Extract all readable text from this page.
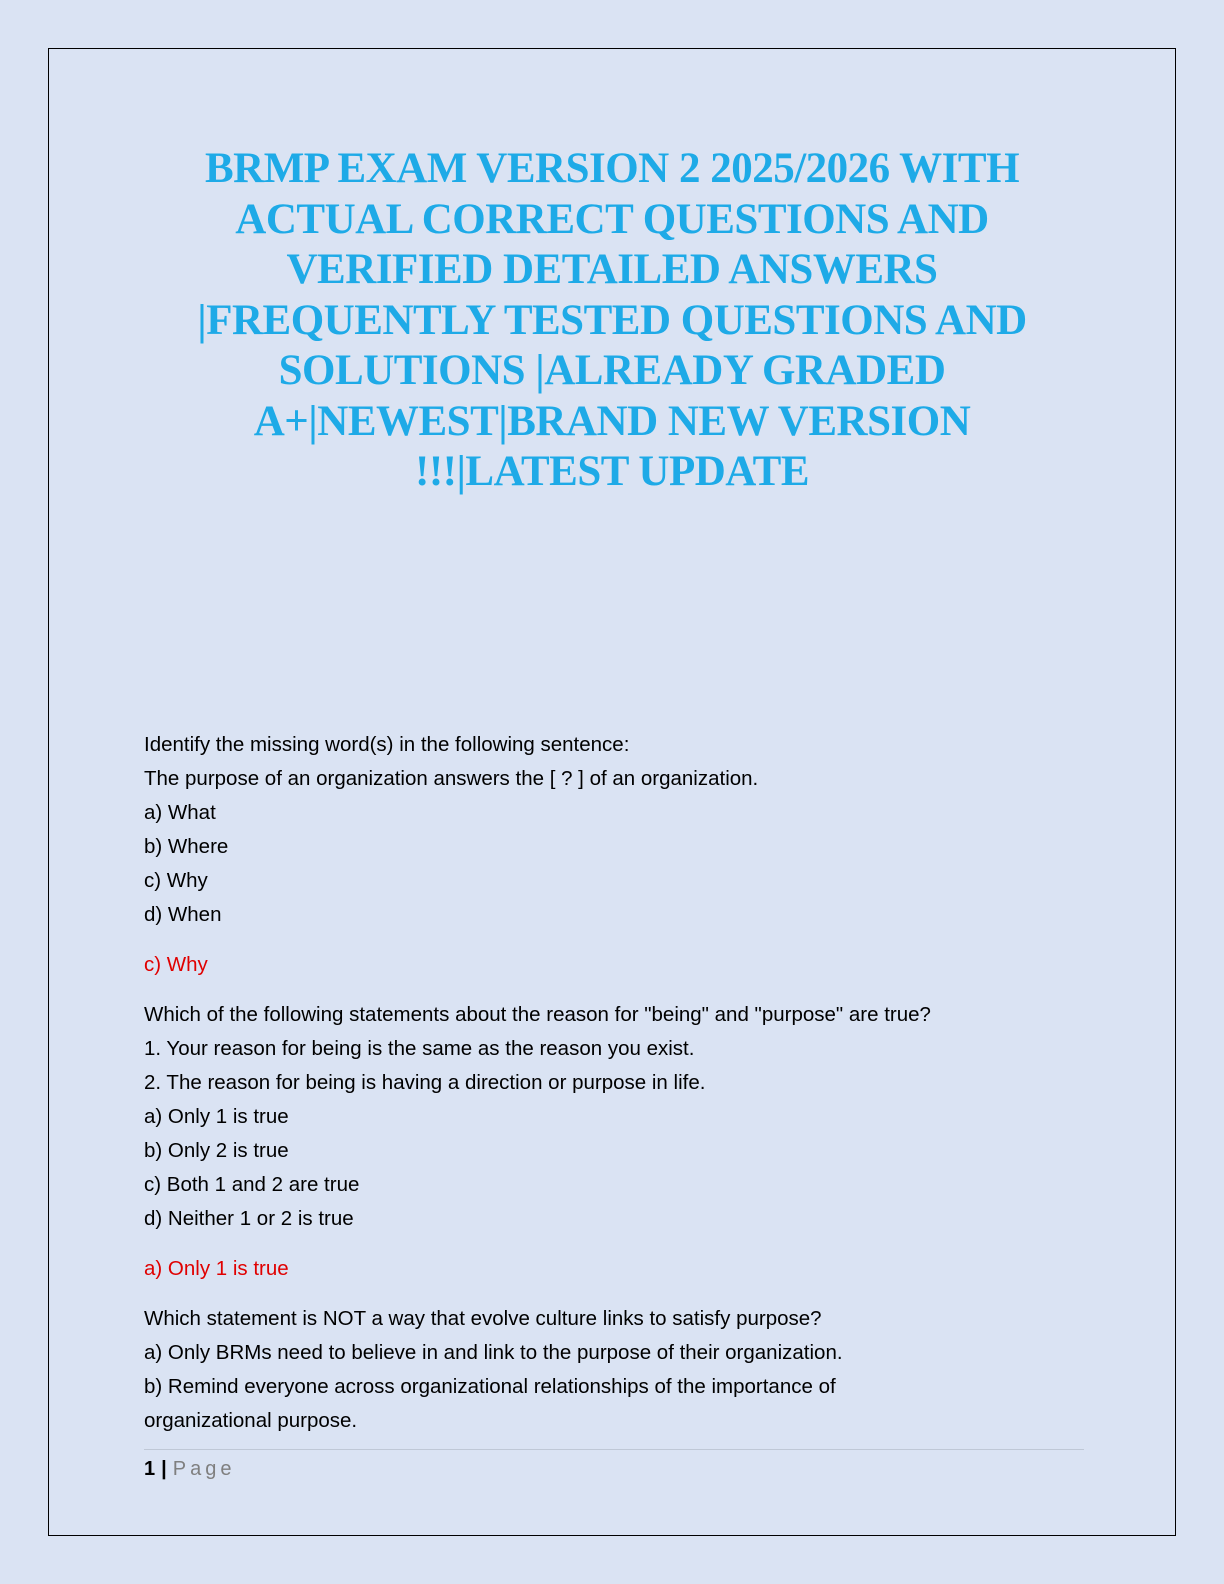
BRMP EXAM VERSION 2 2025/2026 WITH
ACTUAL CORRECT QUESTIONS AND
VERIFIED DETAILED ANSWERS
|FREQUENTLY TESTED QUESTIONS AND
SOLUTIONS |ALREADY GRADED
A+|NEWEST|BRAND NEW VERSION
!!!|LATEST UPDATE
Identify the missing word(s) in the following sentence:
The purpose of an organization answers the [ ? ] of an organization.
a) What
b) Where
c) Why
d) When
c) Why
Which of the following statements about the reason for "being" and "purpose" are true?
1. Your reason for being is the same as the reason you exist.
2. The reason for being is having a direction or purpose in life.
a) Only 1 is true
b) Only 2 is true
c) Both 1 and 2 are true
d) Neither 1 or 2 is true
a) Only 1 is true
Which statement is NOT a way that evolve culture links to satisfy purpose?
a) Only BRMs need to believe in and link to the purpose of their organization.
b) Remind everyone across organizational relationships of the importance of
organizational purpose.
1 | Page
